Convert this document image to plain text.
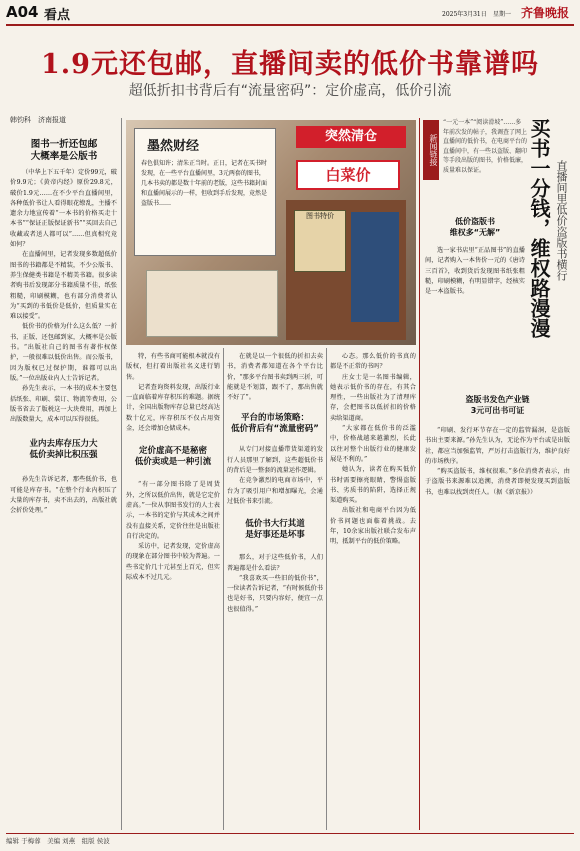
A04 看点	2025年3月31日 星期一 齐鲁晚报
1.9元还包邮，直播间卖的低价书靠谱吗
超低折扣书背后有“流量密码”：定价虚高，低价引流
韩钧科　济南报道
图书一折还包邮
大概率是公版书

（中华上下五千年）定价99元，破价9.9元；《黄帝内经》原价29.8元，破价1.9元……在不少平台直播间里，各种低价书让人看得眼花缭乱，主播不遗余力地宣传着“一本书的价格买走十本书”“保证正版保证新书”“买回去自己收藏或者送人都可以”……但真相究竟如何？

在直播间里，记者发现多数超低价图书的书籍都是不精装，不少公版书、养生保健类书籍是不精美书籍。很多读者购书后发现部分书籍质量不佳，纸张粗糙，印刷模糊，也有部分消费者认为“买到的书低价是低价，但质量实在难以接受”。

低价书的价格为什么这么低？一折书、正版、还包邮到家，大概率是公版书。“出版社自己的图书有著作权保护，一般很难以低价出售。而公版书，因为版权已过保护期，谁都可以出版。”一位出版业内人士告诉记者。

孙先生表示，一本书的成本主要包括纸张、印刷、装订、物流等费用，公版书省去了版税这一大块费用，再加上出版数量大，成本可以压得很低。

业内去库存压力大
低价卖掉比积压强

孙先生告诉记者，那些低价书，也可能是库存书。“在整个行业内积压了大量的库存书，卖不出去的，出版社就会折价处理。”

墨然财经
春色俱知许；清朱正当时。正日，记者在买书时发现，在一些平台直播间里，3元两套的图书，几本书卖的都是数十年前的老版，这些书籍封面和直播间展示的一样，但收到手后发现，竟然是盗版书……
突然清仓
白菜价
图书特价

特，有些书商可能根本就没有版权，但打着出版社名义进行销售。

记者查询资料发现，出版行业一直面临着库存积压的难题。据统计，全国出版物库存总量已经高达数十亿元，库存积压不仅占用资金，还会增加仓储成本。

定价虚高不是秘密
低价卖或是一种引流

“有一部分图书除了是周货外，之所以低价出售，就是它定价虚高。”一位从事图书发行的人士表示，一本书的定价与其成本之间并没有直接关系，定价往往是出版社自行决定的。

采访中，记者发现，定价虚高的现象在部分图书中较为普遍。一些书定价几十元甚至上百元，但实际成本不过几元。

在就是以一个很低的折扣去卖书，消费者都知道在各个平台比价，“那多平台图书卖到两三折，可能就是不划算，跟不了，那出售就不好了”。

平台的市场策略：
低价背后有“流量密码”

从专门对接直播带货渠道的发行人员那里了解到，这些超低价书的背后是一整套的流量运作逻辑。

在竞争激烈的电商市场中，平台为了吸引用户和增加曝光，会通过低价书来引流。

低价书大行其道
是好事还是坏事

那么，对于这些低价书，人们普遍都是什么看法？

“我喜欢买一些旧的低价书”，一位读者告诉记者，“有时候低价书也是好书，只要内容好，便宜一点也很值得。”

心态。那么低价的书真的都是不正常的书吗？

庄女士是一名图书编辑，她表示低价书的存在，有其合理性，一些出版社为了清理库存，会把图书以低折扣的价格卖给渠道商。

“大家都在低价书的泛滥中，价格战越来越激烈，长此以往对整个出版行业的健康发展是不利的。”

她认为，读者在购买低价书时需要擦亮眼睛，警惕盗版书、劣质书的陷阱，选择正规渠道购买。

出版社和电商平台因为低价书问题也面临着挑战。去年，10余家出版社联合发布声明，抵制平台的低价策略。

新闻链接
“一元一本”“阅读滑坡”……多年前次发的帖子，我调查了网上直播间的低价书，在电商平台的直播间中，有一些以盗版、翻印等手段出版的图书，价格低廉，质量难以保证。	买书一分钱，维权路漫漫 直播间里低价盗版书横行
低价盗版书
维权多“无解”

选一家书店里“正品图书”的直播间，记者购入一本售价一元的《唐诗三百首》，收到货后发现图书纸张粗糙，印刷模糊，有明显错字，经核实是一本盗版书。

盗版书发色产业链
3元可出书可证

“印刷、发行环节存在一定的监管漏洞，是盗版书出主要来源。”孙先生认为，无论作为平台或是出版社，都应当加强监管，严厉打击盗版行为，维护良好的市场秩序。

“购买盗版书，维权很难。”多位消费者表示，由于盗版书来源难以追溯，消费者即便发现买到盗版书，也难以找到责任人。（据《新京报》）

编辑 于梅蓉　美编 刘燕　组版 侯波
